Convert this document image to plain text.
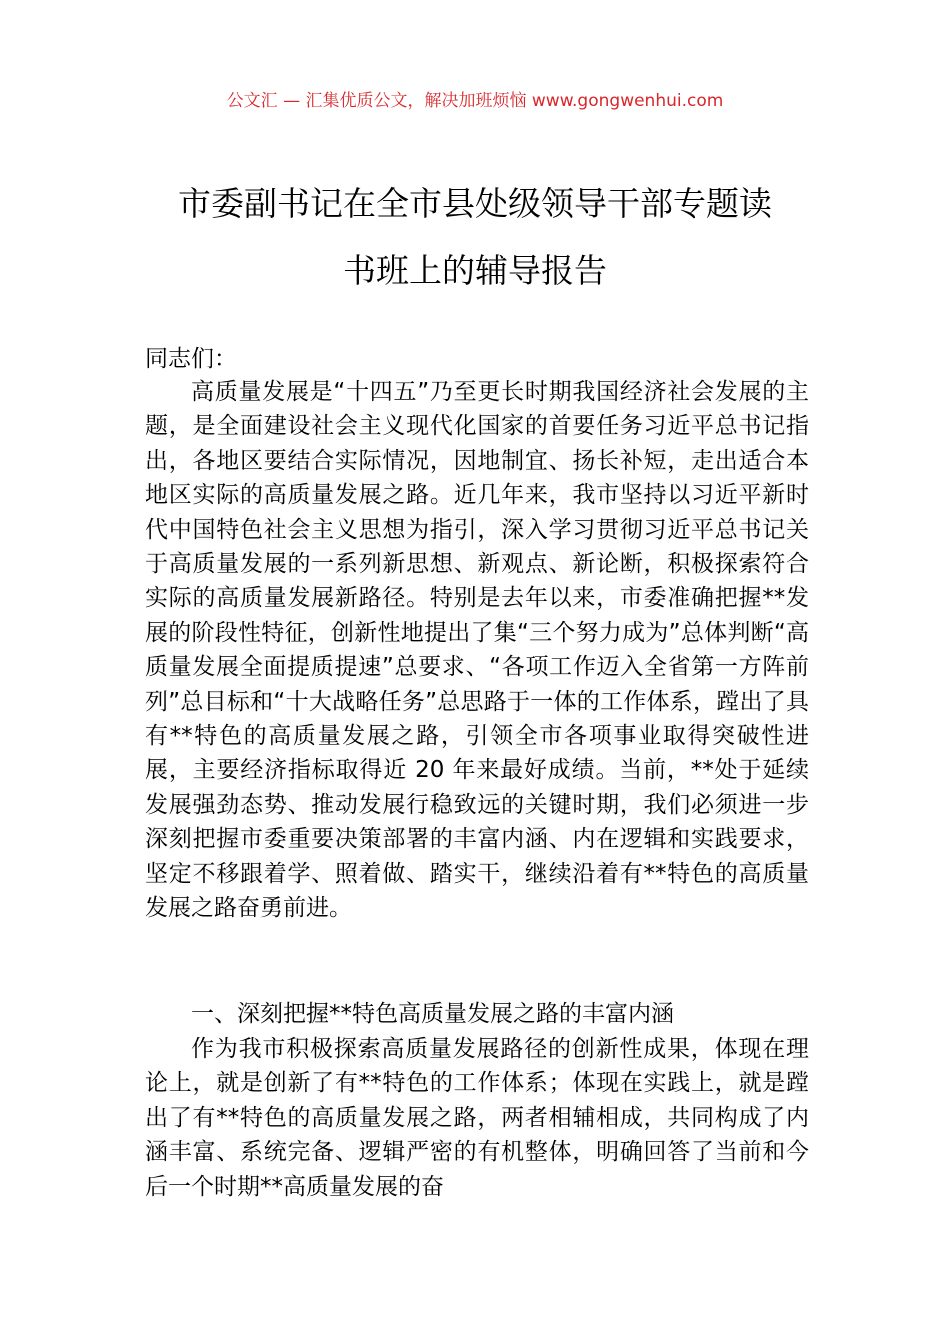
公文汇 — 汇集优质公文，解决加班烦恼 www.gongwenhui.com
市委副书记在全市县处级领导干部专题读
书班上的辅导报告
同志们：

高质量发展是“十四五”乃至更长时期我国经济社会发展的主题，是全面建设社会主义现代化国家的首要任务习近平总书记指出，各地区要结合实际情况，因地制宜、扬长补短，走出适合本地区实际的高质量发展之路。近几年来，我市坚持以习近平新时代中国特色社会主义思想为指引，深入学习贯彻习近平总书记关于高质量发展的一系列新思想、新观点、新论断，积极探索符合实际的高质量发展新路径。特别是去年以来，市委准确把握**发展的阶段性特征，创新性地提出了集“三个努力成为”总体判断“高质量发展全面提质提速”总要求、“各项工作迈入全省第一方阵前列”总目标和“十大战略任务”总思路于一体的工作体系，蹚出了具有**特色的高质量发展之路，引领全市各项事业取得突破性进展，主要经济指标取得近 20 年来最好成绩。当前，**处于延续发展强劲态势、推动发展行稳致远的关键时期，我们必须进一步深刻把握市委重要决策部署的丰富内涵、内在逻辑和实践要求，坚定不移跟着学、照着做、踏实干，继续沿着有**特色的高质量发展之路奋勇前进。

一、深刻把握**特色高质量发展之路的丰富内涵

作为我市积极探索高质量发展路径的创新性成果，体现在理论上，就是创新了有**特色的工作体系；体现在实践上，就是蹚出了有**特色的高质量发展之路，两者相辅相成，共同构成了内涵丰富、系统完备、逻辑严密的有机整体，明确回答了当前和今后一个时期**高质量发展的奋
